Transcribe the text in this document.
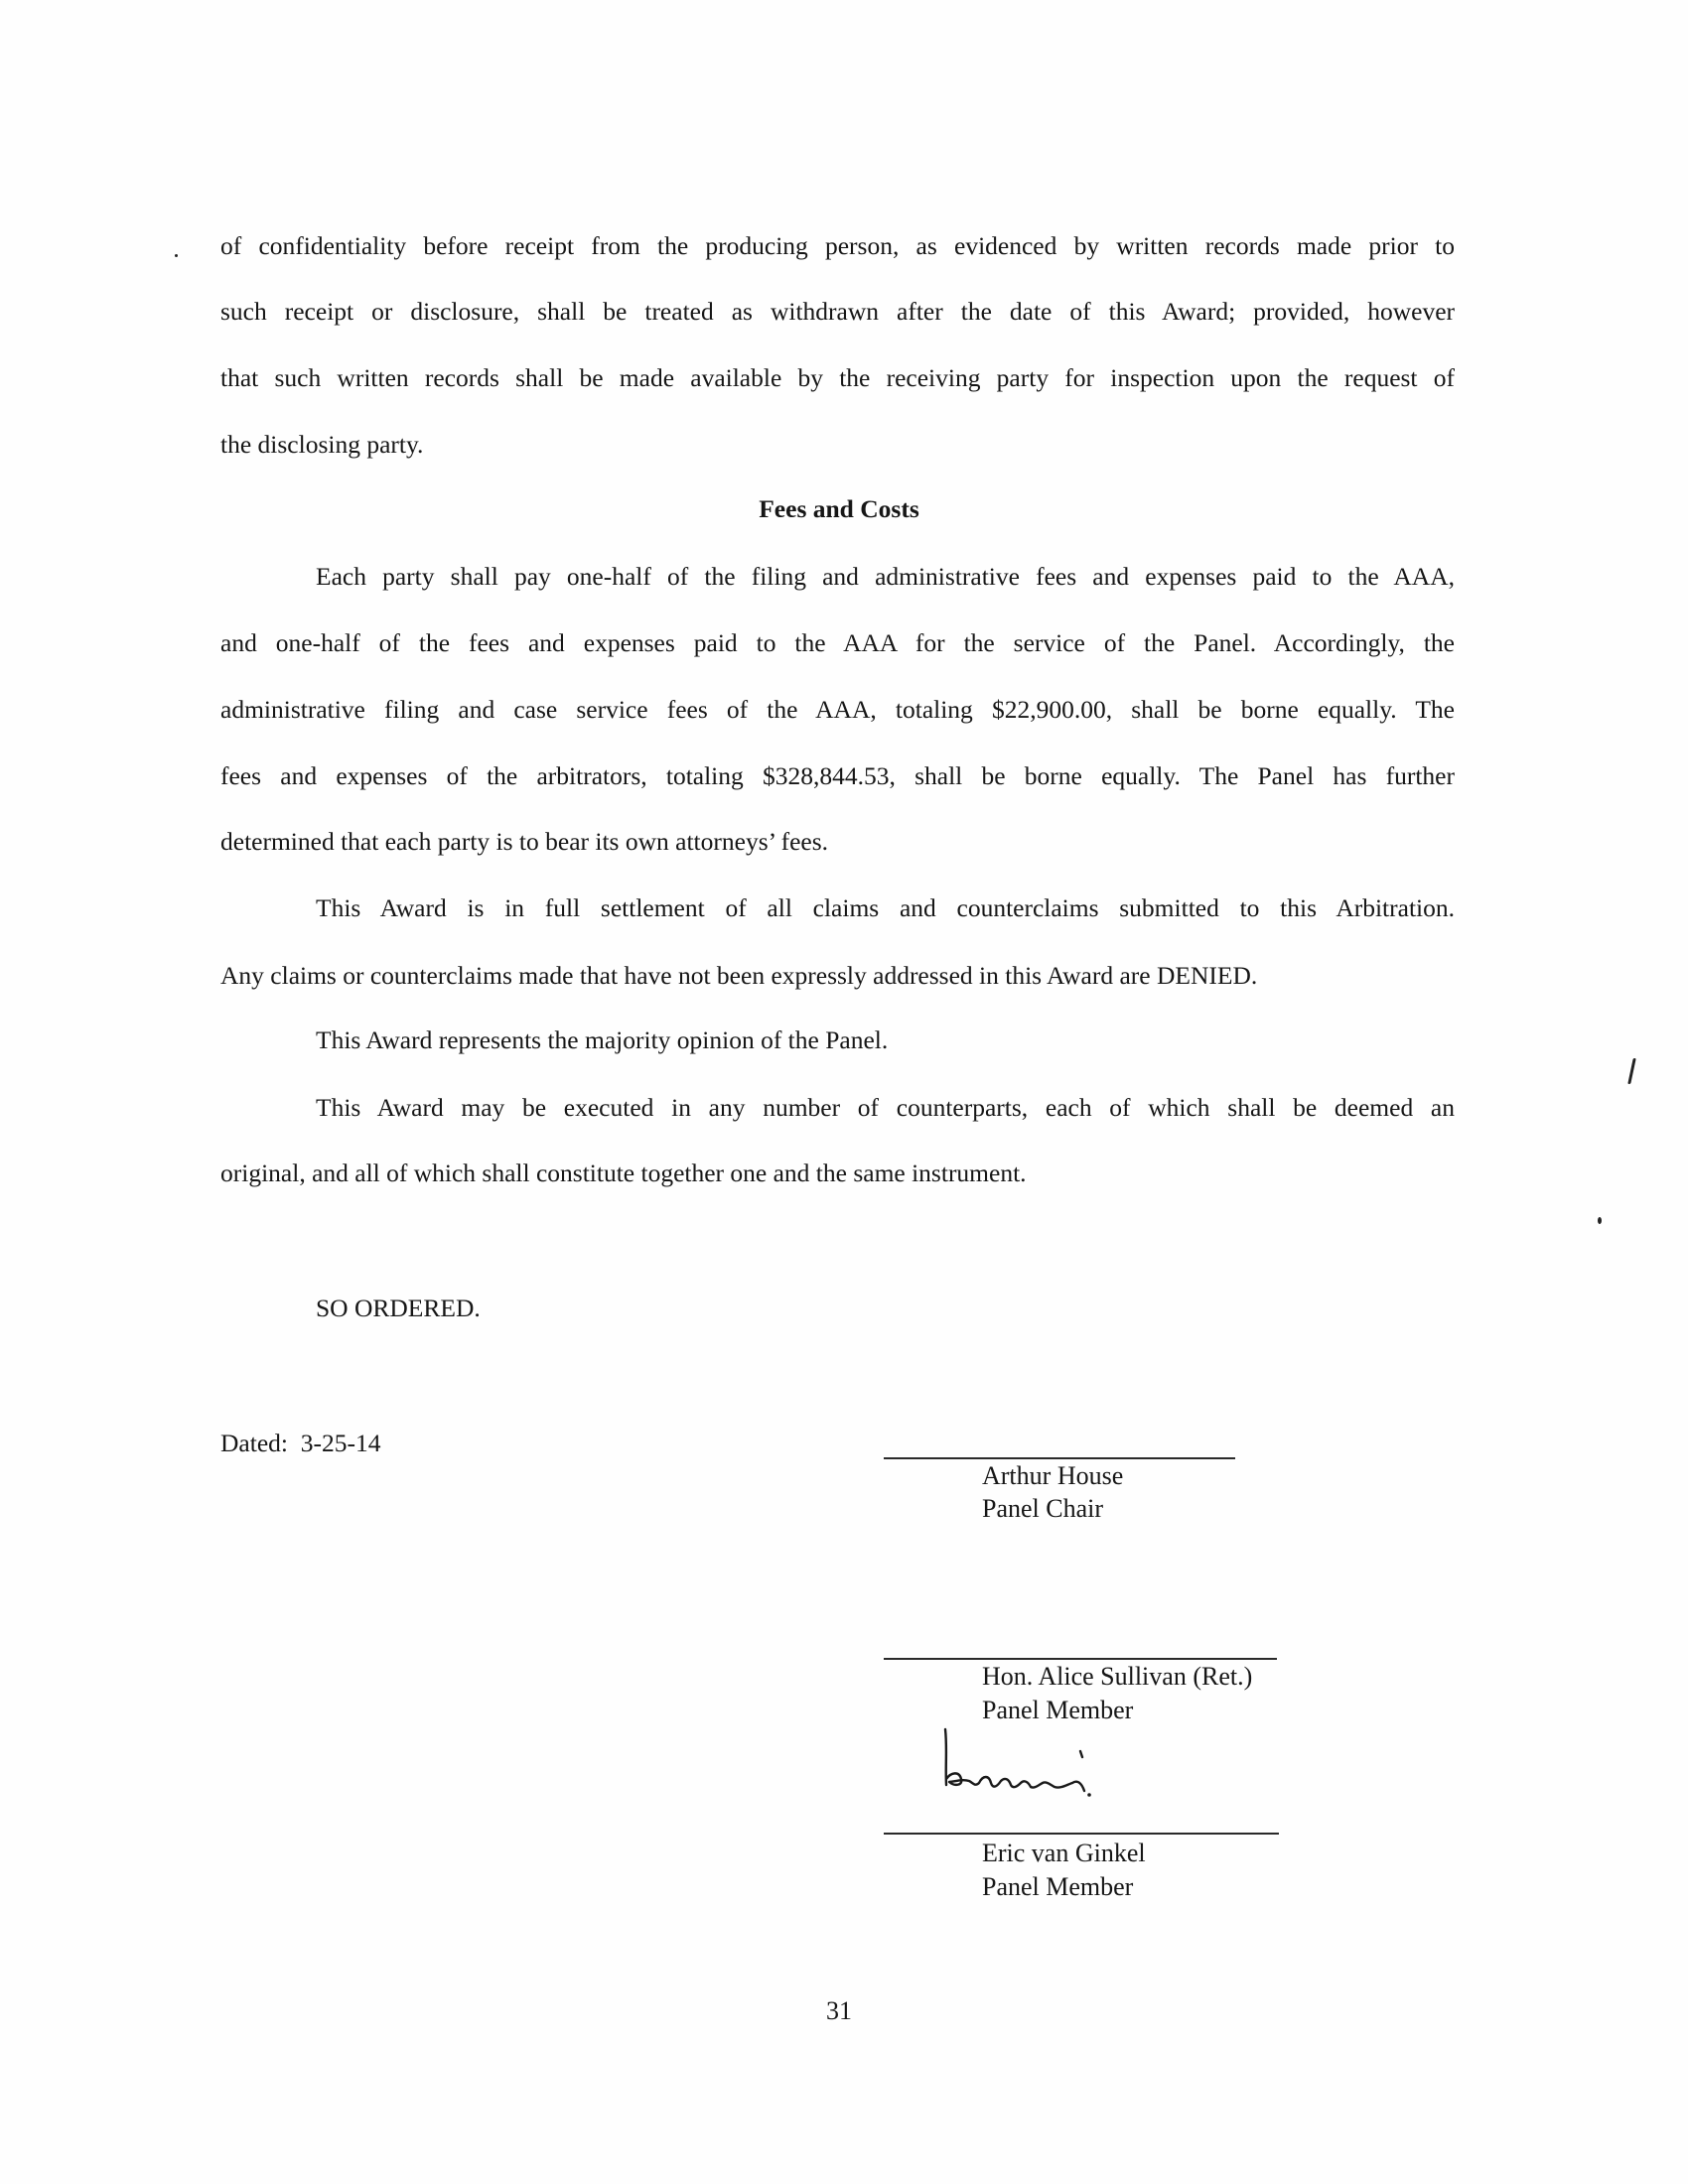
of confidentiality before receipt from the producing person, as evidenced by written records made prior to
such receipt or disclosure, shall be treated as withdrawn after the date of this Award; provided, however
that such written records shall be made available by the receiving party for inspection upon the request of
the disclosing party.
Fees and Costs
Each party shall pay one-half of the filing and administrative fees and expenses paid to the AAA,
and one-half of the fees and expenses paid to the AAA for the service of the Panel. Accordingly, the
administrative filing and case service fees of the AAA, totaling $22,900.00, shall be borne equally. The
fees and expenses of the arbitrators, totaling $328,844.53, shall be borne equally. The Panel has further
determined that each party is to bear its own attorneys’ fees.
This Award is in full settlement of all claims and counterclaims submitted to this Arbitration.
Any claims or counterclaims made that have not been expressly addressed in this Award are DENIED.
This Award represents the majority opinion of the Panel.
This Award may be executed in any number of counterparts, each of which shall be deemed an
original, and all of which shall constitute together one and the same instrument.
SO ORDERED.
Dated: 3-25-14
Arthur House
Panel Chair
Hon. Alice Sullivan (Ret.)
Panel Member
Eric van Ginkel
Panel Member
31
